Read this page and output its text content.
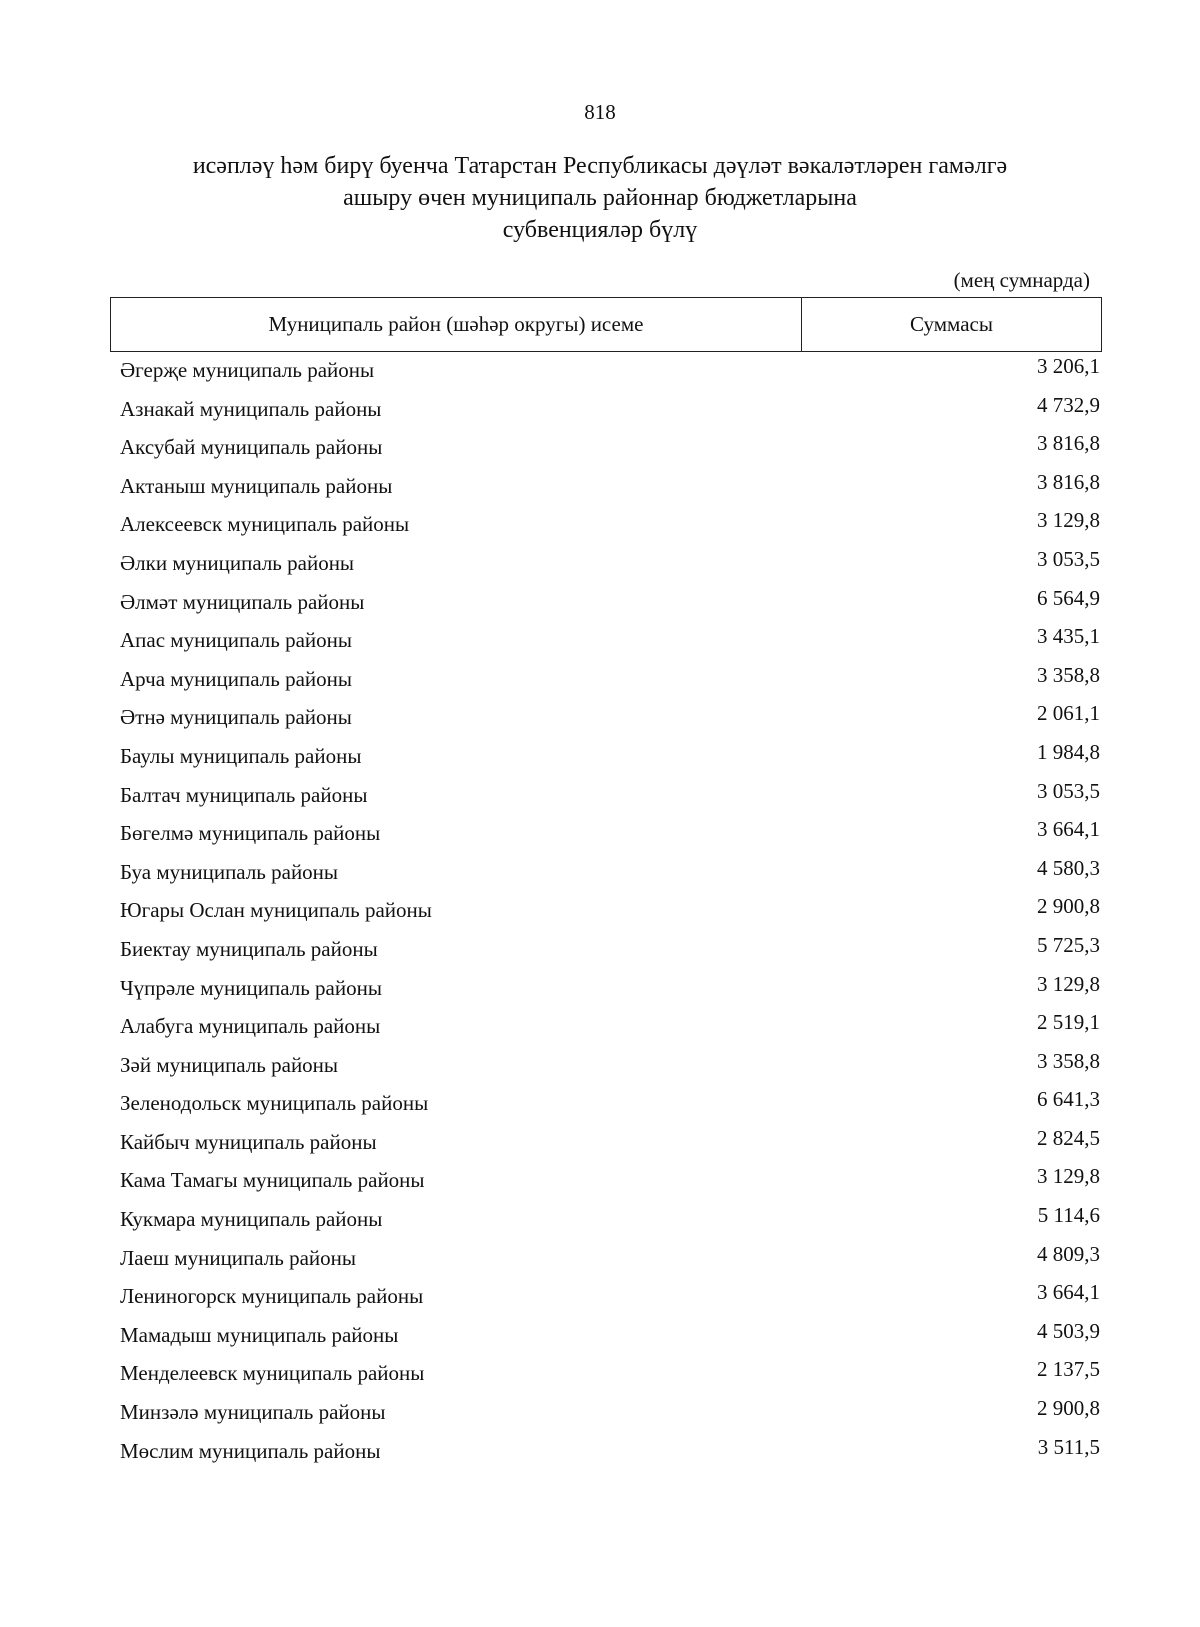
818
исәпләү һәм бирү буенча Татарстан Республикасы дәүләт вәкаләтләрен гамәлгә
ашыру өчен муниципаль районнар бюджетларына
субвенцияләр бүлү
(мең сумнарда)
Муниципаль район (шәһәр округы) исеме	Суммасы
Әгерҗе муниципаль районы	3 206,1
Азнакай муниципаль районы	4 732,9
Аксубай муниципаль районы	3 816,8
Актаныш муниципаль районы	3 816,8
Алексеевск муниципаль районы	3 129,8
Әлки муниципаль районы	3 053,5
Әлмәт муниципаль районы	6 564,9
Апас муниципаль районы	3 435,1
Арча муниципаль районы	3 358,8
Әтнә муниципаль районы	2 061,1
Баулы муниципаль районы	1 984,8
Балтач муниципаль районы	3 053,5
Бөгелмә муниципаль районы	3 664,1
Буа муниципаль районы	4 580,3
Югары Ослан муниципаль районы	2 900,8
Биектау муниципаль районы	5 725,3
Чүпрәле муниципаль районы	3 129,8
Алабуга муниципаль районы	2 519,1
Зәй муниципаль районы	3 358,8
Зеленодольск муниципаль районы	6 641,3
Кайбыч муниципаль районы	2 824,5
Кама Тамагы муниципаль районы	3 129,8
Кукмара муниципаль районы	5 114,6
Лаеш муниципаль районы	4 809,3
Лениногорск муниципаль районы	3 664,1
Мамадыш муниципаль районы	4 503,9
Менделеевск муниципаль районы	2 137,5
Минзәлә муниципаль районы	2 900,8
Мөслим муниципаль районы	3 511,5
